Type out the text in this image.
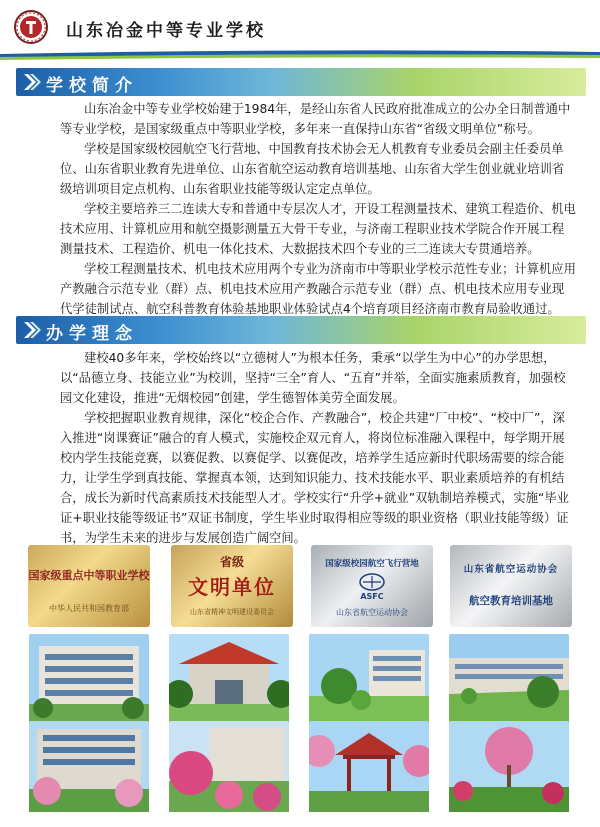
山东冶金中等专业学校
学校简介
山东冶金中等专业学校始建于1984年，是经山东省人民政府批准成立的公办全日制普通中等专业学校，是国家级重点中等职业学校，多年来一直保持山东省“省级文明单位”称号。
学校是国家级校园航空飞行营地、中国教育技术协会无人机教育专业委员会副主任委员单位、山东省职业教育先进单位、山东省航空运动教育培训基地、山东省大学生创业就业培训省级培训项目定点机构、山东省职业技能等级认定定点单位。
学校主要培养三二连读大专和普通中专层次人才，开设工程测量技术、建筑工程造价、机电技术应用、计算机应用和航空摄影测量五大骨干专业，与济南工程职业技术学院合作开展工程测量技术、工程造价、机电一体化技术、大数据技术四个专业的三二连读大专贯通培养。
学校工程测量技术、机电技术应用两个专业为济南市中等职业学校示范性专业；计算机应用产教融合示范专业（群）点、机电技术应用产教融合示范专业（群）点、机电技术应用专业现代学徒制试点、航空科普教育体验基地职业体验试点4个培育项目经济南市教育局验收通过。
办学理念
建校40多年来，学校始终以“立德树人”为根本任务，秉承“以学生为中心”的办学思想，以“品德立身、技能立业”为校训，坚持“三全”育人、“五育”并举，全面实施素质教育，加强校园文化建设，推进“无烟校园”创建，学生德智体美劳全面发展。
学校把握职业教育规律，深化“校企合作、产教融合”，校企共建“厂中校”、“校中厂”，深入推进“岗课赛证”融合的育人模式，实施校企双元育人，将岗位标准融入课程中，每学期开展校内学生技能竞赛，以赛促教、以赛促学、以赛促改，培养学生适应新时代职场需要的综合能力，让学生学到真技能、掌握真本领，达到知识能力、技术技能水平、职业素质培养的有机结合，成长为新时代高素质技术技能型人才。学校实行“升学+就业”双轨制培养模式，实施“毕业证+职业技能等级证书”双证书制度，学生毕业时取得相应等级的职业资格（职业技能等级）证书，为学生未来的进步与发展创造广阔空间。
国家级重点中等职业学校
中华人民共和国教育部
省级
文明单位
山东省精神文明建设委员会
国家级校园航空飞行营地
ASFC
山东省航空运动协会
山东省航空运动协会
航空教育培训基地
